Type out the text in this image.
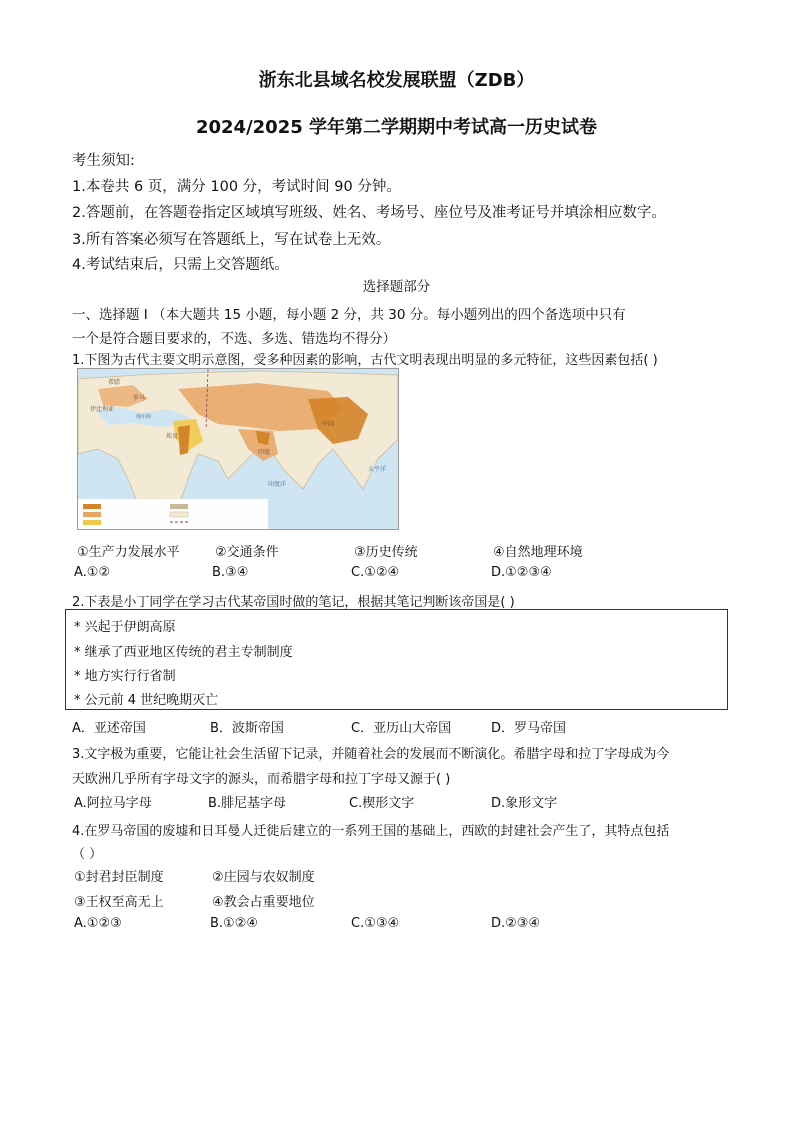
浙东北县域名校发展联盟（ZDB）
2024/2025 学年第二学期期中考试高一历史试卷
考生须知:
1.本卷共 6 页，满分 100 分，考试时间 90 分钟。
2.答题前，在答题卷指定区域填写班级、姓名、考场号、座位号及准考证号并填涂相应数字。
3.所有答案必须写在答题纸上，写在试卷上无效。
4.考试结束后，只需上交答题纸。
选择题部分
一、选择题 I （本大题共 15 小题，每小题 2 分，共 30 分。每小题列出的四个备选项中只有
一个是符合题目要求的，不选、多选、错选均不得分）
1.下图为古代主要文明示意图，受多种因素的影响，古代文明表现出明显的多元特征，这些因素包括( )
希腊
伊比利亚
罗马
埃及
印度
中国
地中海
印度洋
太平洋
①生产力发展水平	②交通条件	③历史传统	④自然地理环境
A.①②	B.③④	C.①②④	D.①②③④
2.下表是小丁同学在学习古代某帝国时做的笔记，根据其笔记判断该帝国是( )
* 兴起于伊朗高原
* 继承了西亚地区传统的君主专制制度
* 地方实行行省制
* 公元前 4 世纪晚期灭亡
A．亚述帝国	B．波斯帝国	C．亚历山大帝国	D．罗马帝国
3.文字极为重要，它能让社会生活留下记录，并随着社会的发展而不断演化。希腊字母和拉丁字母成为今
天欧洲几乎所有字母文字的源头，而希腊字母和拉丁字母又源于( )
A.阿拉马字母	B.腓尼基字母	C.楔形文字	D.象形文字
4.在罗马帝国的废墟和日耳曼人迁徙后建立的一系列王国的基础上，西欧的封建社会产生了，其特点包括
（ ）
①封君封臣制度	②庄园与农奴制度
③王权至高无上	④教会占重要地位
A.①②③	B.①②④	C.①③④	D.②③④
